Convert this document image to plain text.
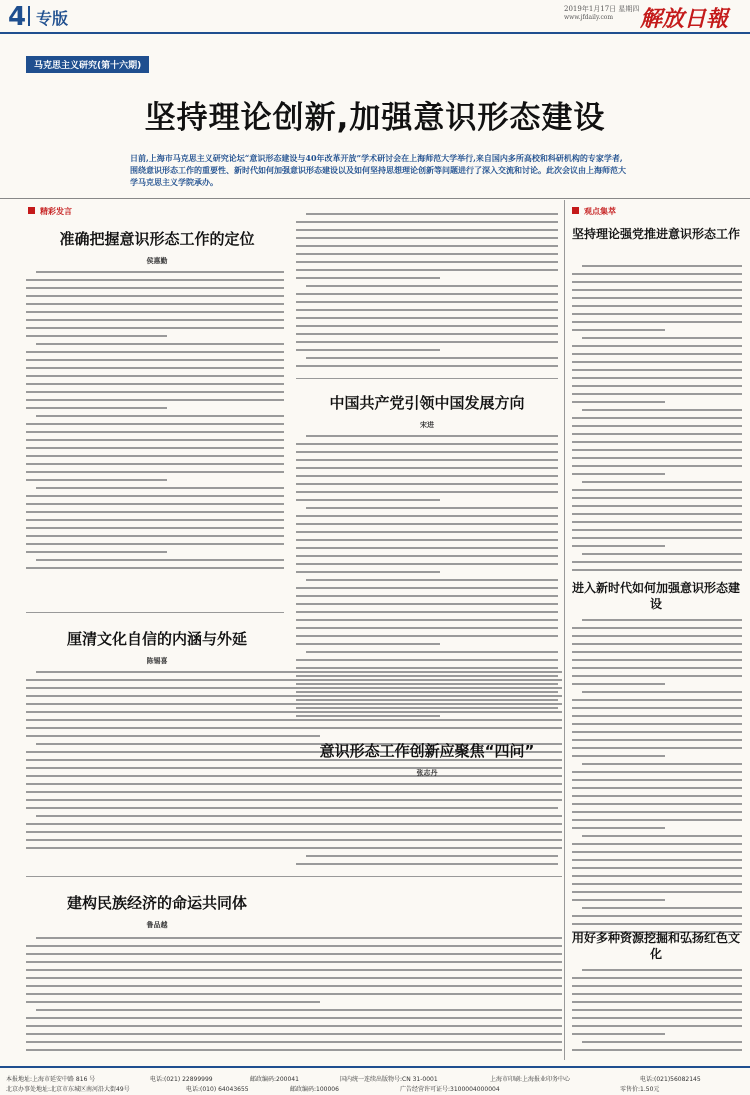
4 专版	2019年1月17日 星期四
www.jfdaily.com 解放日報
马克思主义研究(第十六期)
坚持理论创新,加强意识形态建设
日前,上海市马克思主义研究论坛“意识形态建设与40年改革开放”学术研讨会在上海师范大学举行,来自国内多所高校和科研机构的专家学者,围绕意识形态工作的重要性、新时代如何加强意识形态建设以及如何坚持思想理论创新等问题进行了深入交流和讨论。此次会议由上海师范大学马克思主义学院承办。
精彩发言	观点集萃
准确把握意识形态工作的定位
侯惠勤
厘清文化自信的内涵与外延
陈锡喜
建构民族经济的命运共同体
鲁品越
中国共产党引领中国发展方向
宋进
意识形态工作创新应聚焦“四问”
张志丹
坚持理论强党推进意识形态工作
进入新时代如何加强意识形态建设
用好多种资源挖掘和弘扬红色文化
本报地址:上海市延安中路 816 号	电话:(021) 22899999	邮政编码:200041	国内统一连续出版物号:CN 31-0001	上海市印刷:上海报业印务中心	电话:(021)56082145
北京办事处地址:北京市东城区南河沿大街49号	电话:(010) 64043655	邮政编码:100006	广告经营许可证号:3100004000004	零售价:1.50元
